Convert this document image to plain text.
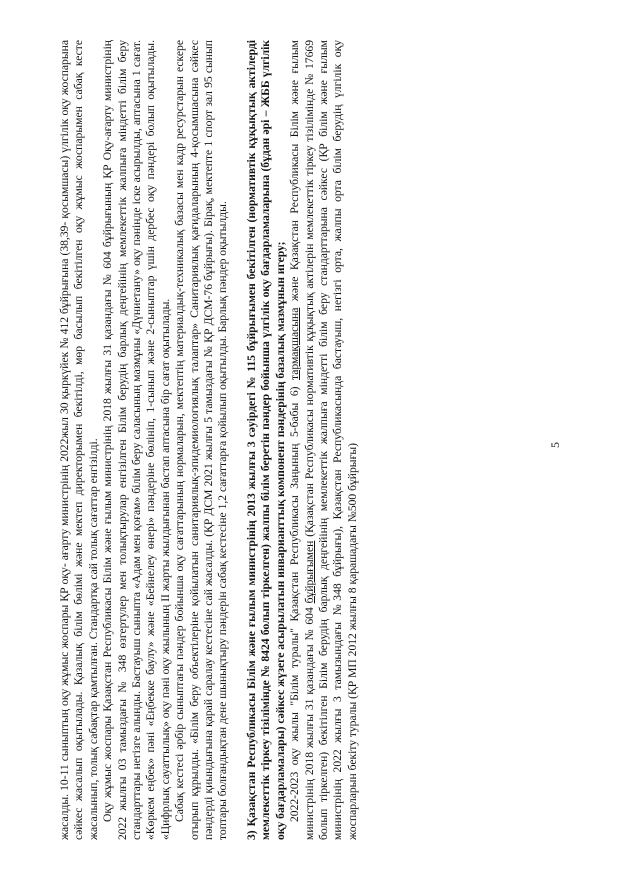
жасалды. 10-11 сыныптың оқу жұмыс жоспары ҚР оқу- ағарту министрінің 2022жыл 30 қыркүйек № 412 бұйрығына (38,39- қосымшасы) үлгілік оқу жоспарына сәйкес жасалып оқытылады. Қазалық білім бөлімі және мектеп директорымен бекітілді, мөр басылып бекітілген оқу жұмыс жоспарымен сабақ кесте жасалынып, толық сабақтар қамтылған. Стандартқа сай толық сағаттар енгізілді. Оқу жұмыс жоспары Қазақстан Республикасы Білім және ғылым министрінің 2018 жылғы 31 қазандағы № 604 бұйрығының ҚР Оқу-ағарту министрінің 2022 жылғы 03 тамыздағы № 348 өзгертулер мен толықтырулар енгізілген Білім берудің барлық деңгейінің мемлекеттік жалпыға міндетті білім беру стандарттары негізге алынды. Бастауыш сыныпта «Адам мен қоғам» білім беру саласының мазмұны «Дүниетану» оқу пәнінде іске асырылды, аптасына 1 сағат. «Көркем еңбек» пәні «Еңбекке баулу» және «Бейнелеу өнері» пәндеріне бөлініп, 1-сынып және 2-сыныптар үшін дербес оқу пәндері болып оқытылады. «Цифрлық сауаттылық» оқу пәні оқу жылының II жарты жылдығынан бастап аптасына бір сағат оқытылады. Сабақ кестесі әрбір сыныптағы пәндер бойынша оқу сағаттарының нормаларын, мектептің материалдық-техникалық базасы мен кадр ресурстарын ескере отырып құрылды. «Білім беру объектілеріне қойылатын санитариялық-эпидемиологиялық талаптар» Санитариялық қағидаларының 4-қосымшасына сәйкес пәндерді қиындығына қарай саралау кестесіне сай жасалды. (ҚР ДСМ 2021 жылғы 5 тамыздағы № ҚР ДСМ-76 бұйрығы). Бірақ, мектепте 1 спорт зал 95 сынып топтары болғандықтан дене шынықтыру пәндерін сабақ кестесіне 1,2 сағаттарға қойылып оқытылды. Барлық пәндер оқытылды. 3) Қазақстан Республикасы Білім және ғылым министрінің 2013 жылғы 3 сәуірдегі № 115 бұйрығымен бекітілген (нормативтік құқықтық актілерді мемлекеттік тіркеу тізілімінде № 8424 болып тіркелген) жалпы білім беретін пәндер бойынша үлгілік оқу бағдарламаларына (бұдан әрі – ЖББ үлгілік оқу бағдарламалары) сәйкес жүзеге асырылатын инварианттық компонент пәндерінің базалық мазмұнын игеру; 2022-2023 оқу жылы "Білім туралы" Қазақстан Республикасы Заңының 5-бабы 6) тармақшасына және Қазақстан Республикасы Білім және ғылым министрінің 2018 жылғы 31 қазандағы № 604 бұйрығымен (Қазақстан Республикасы нормативтік құқықтық актілерін мемлекеттік тіркеу тізілімінде № 17669 болып тіркелген) бекітілген Білім берудің барлық деңгейінің мемлекеттік жалпыға міндетті білім беру стандарттарына сәйкес (ҚР білім және ғылым министрінің 2022 жылғы 3 тамызындағы №348 бұйрығы), Қазақстан Республикасында бастауыш, негізгі орта, жалпы орта білім берудің үлгілік оқу жоспарларын бекіту туралы (ҚР МП 2012 жылғы 8 қарашадағы №500 бұйрығы)	5
